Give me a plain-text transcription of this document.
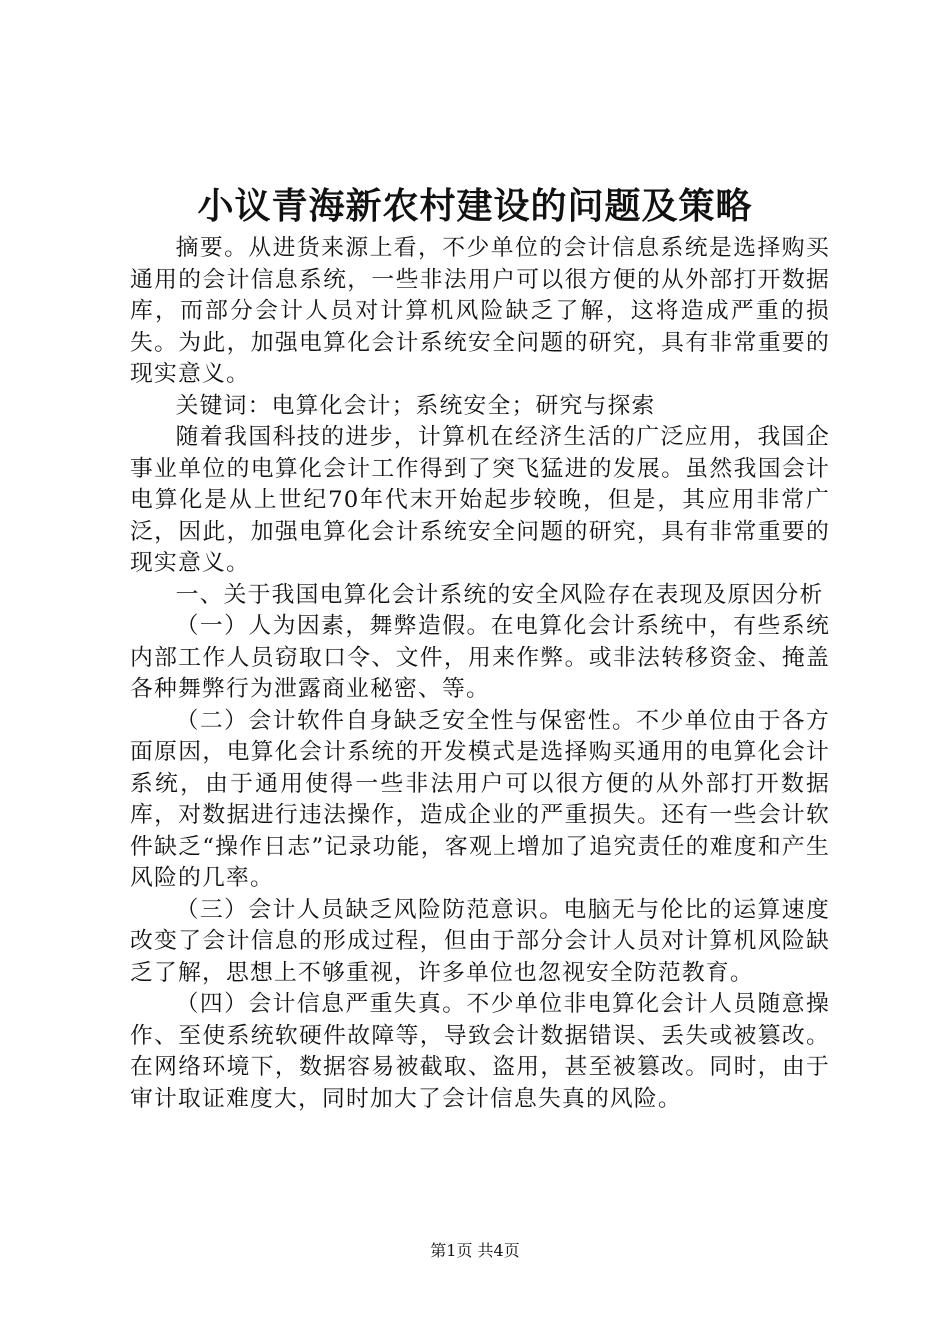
小议青海新农村建设的问题及策略

摘要。从进货来源上看，不少单位的会计信息系统是选择购买通用的会计信息系统，一些非法用户可以很方便的从外部打开数据库，而部分会计人员对计算机风险缺乏了解，这将造成严重的损失。为此，加强电算化会计系统安全问题的研究，具有非常重要的现实意义。

关键词：电算化会计；系统安全；研究与探索

随着我国科技的进步，计算机在经济生活的广泛应用，我国企事业单位的电算化会计工作得到了突飞猛进的发展。虽然我国会计电算化是从上世纪70年代末开始起步较晚，但是，其应用非常广泛，因此，加强电算化会计系统安全问题的研究，具有非常重要的现实意义。

一、关于我国电算化会计系统的安全风险存在表现及原因分析

（一）人为因素，舞弊造假。在电算化会计系统中，有些系统内部工作人员窃取口令、文件，用来作弊。或非法转移资金、掩盖各种舞弊行为泄露商业秘密、等。

（二）会计软件自身缺乏安全性与保密性。不少单位由于各方面原因，电算化会计系统的开发模式是选择购买通用的电算化会计系统，由于通用使得一些非法用户可以很方便的从外部打开数据库，对数据进行违法操作，造成企业的严重损失。还有一些会计软件缺乏“操作日志”记录功能，客观上增加了追究责任的难度和产生风险的几率。

（三）会计人员缺乏风险防范意识。电脑无与伦比的运算速度改变了会计信息的形成过程，但由于部分会计人员对计算机风险缺乏了解，思想上不够重视，许多单位也忽视安全防范教育。

（四）会计信息严重失真。不少单位非电算化会计人员随意操作、至使系统软硬件故障等，导致会计数据错误、丢失或被篡改。在网络环境下，数据容易被截取、盗用，甚至被篡改。同时，由于审计取证难度大，同时加大了会计信息失真的风险。

第1页 共4页
